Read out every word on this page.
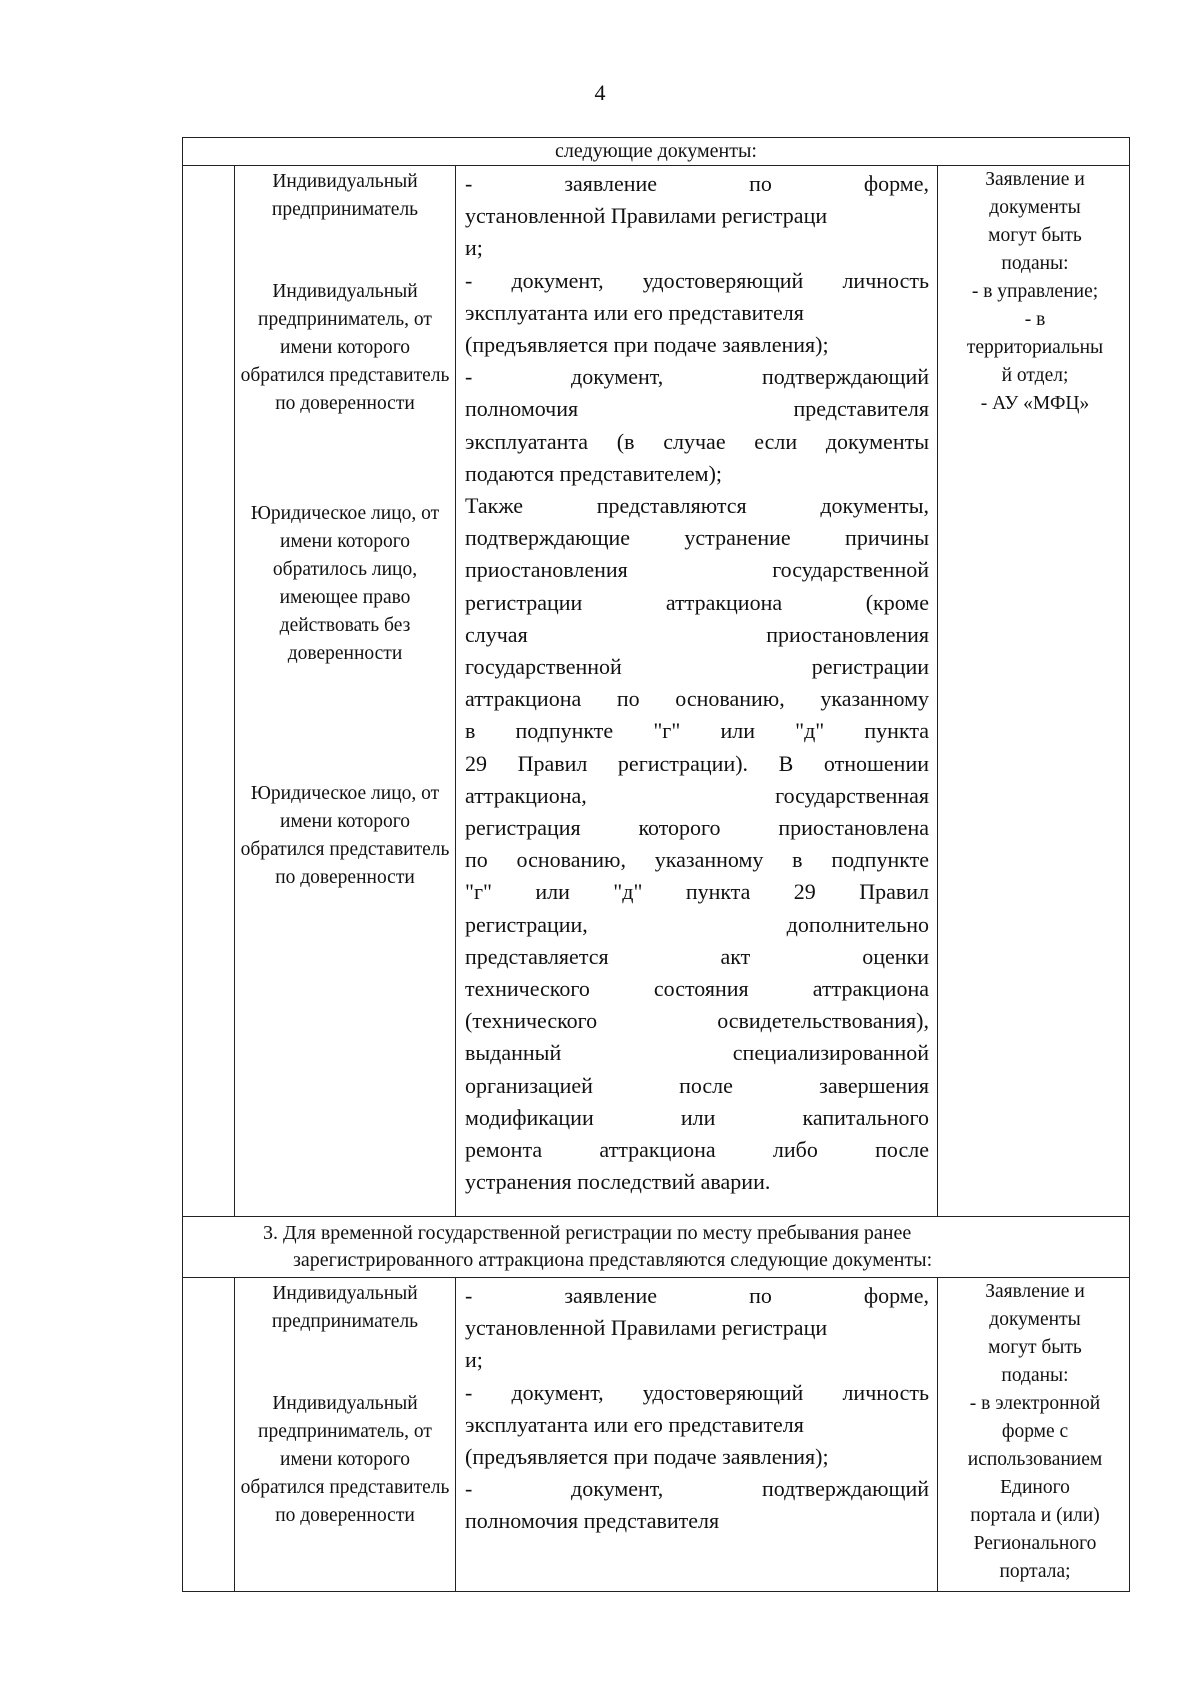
4
следующие документы:
Индивидуальный предприниматель
Индивидуальный предприниматель, от имени которого обратился представитель по доверенности
Юридическое лицо, от имени которого обратилось лицо, имеющее право действовать без доверенности
Юридическое лицо, от имени которого обратился представитель по доверенности

- заявление по форме,

установленной Правилами регистраци

и;

- документ, удостоверяющий личность

эксплуатанта или его представителя

(предъявляется при подаче заявления);

- документ, подтверждающий

полномочия представителя

эксплуатанта (в случае если документы

подаются представителем);

Также представляются документы,

подтверждающие устранение причины

приостановления государственной

регистрации аттракциона (кроме

случая приостановления

государственной регистрации

аттракциона по основанию, указанному

в подпункте "г" или "д" пункта

29 Правил регистрации). В отношении

аттракциона, государственная

регистрация которого приостановлена

по основанию, указанному в подпункте

"г" или "д" пункта 29 Правил

регистрации, дополнительно

представляется акт оценки

технического состояния аттракциона

(технического освидетельствования),

выданный специализированной

организацией после завершения

модификации или капитального

ремонта аттракциона либо после

устранения последствий аварии.

Заявление и
документы
могут быть
поданы:
- в управление;
- в
территориальны
й отдел;
- АУ «МФЦ»
3. Для временной государственной регистрации по месту пребывания ранее
зарегистрированного аттракциона представляются следующие документы:
Индивидуальный предприниматель
Индивидуальный предприниматель, от имени которого обратился представитель по доверенности

- заявление по форме,

установленной Правилами регистраци

и;

- документ, удостоверяющий личность

эксплуатанта или его представителя

(предъявляется при подаче заявления);

- документ, подтверждающий

полномочия представителя

Заявление и
документы
могут быть
поданы:
- в электронной
форме с
использованием
Единого
портала и (или)
Регионального
портала;
